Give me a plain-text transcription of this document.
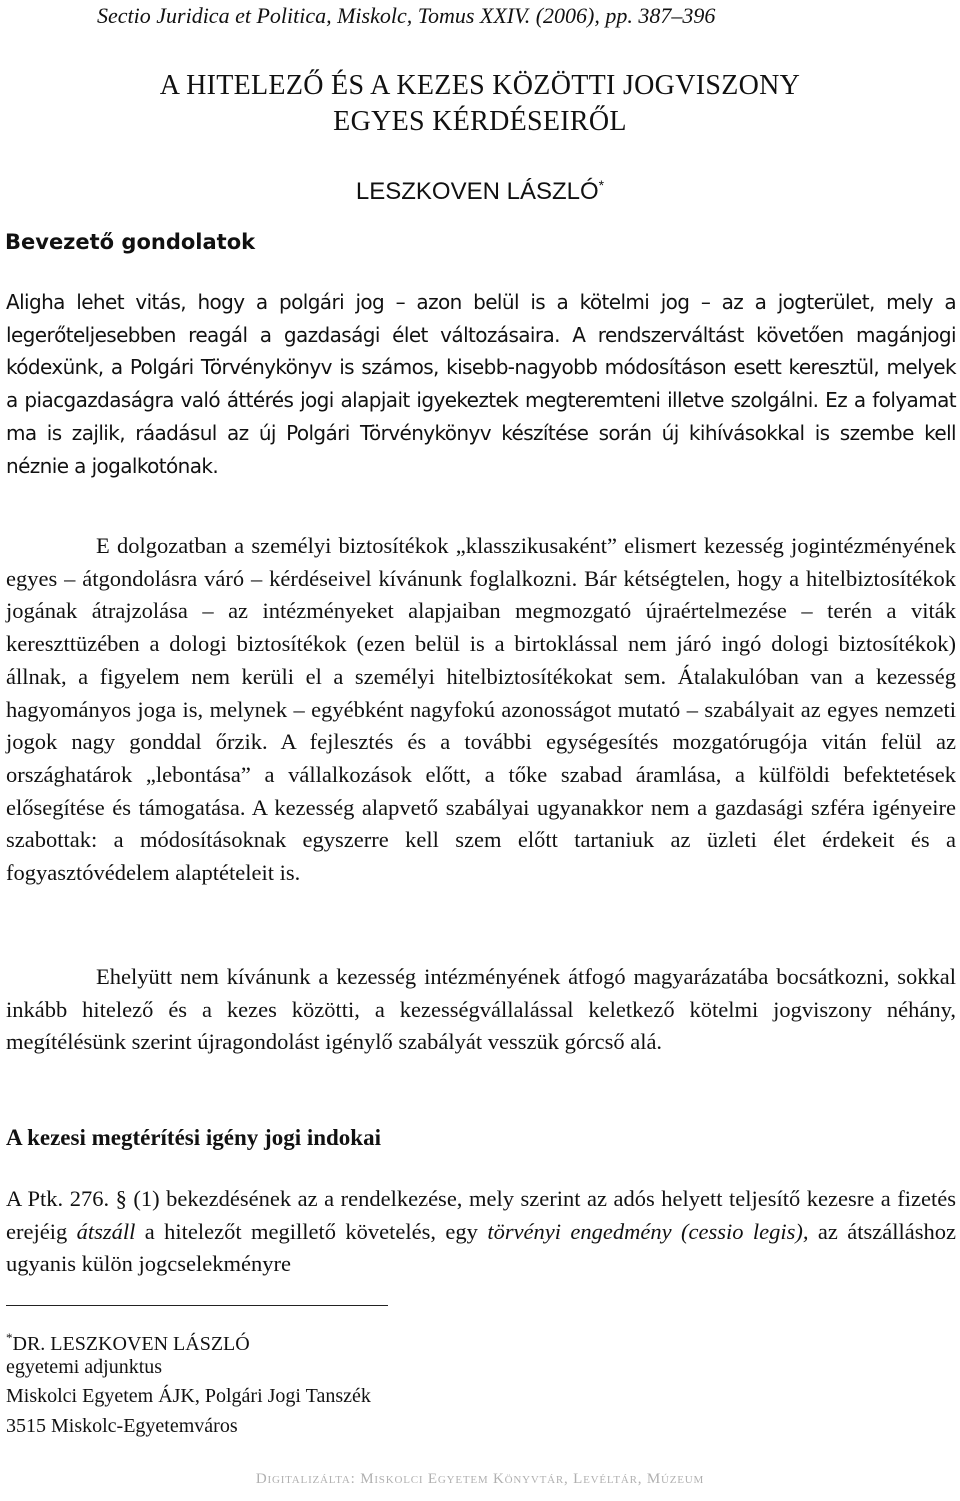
Sectio Juridica et Politica, Miskolc, Tomus XXIV. (2006), pp. 387–396
A HITELEZŐ ÉS A KEZES KÖZÖTTI JOGVISZONY
EGYES KÉRDÉSEIRŐL
LESZKOVEN LÁSZLÓ*
Bevezető gondolatok
Aligha lehet vitás, hogy a polgári jog – azon belül is a kötelmi jog – az a jogterület, mely a legerőteljesebben reagál a gazdasági élet változásaira. A rendszerváltást követően magánjogi kódexünk, a Polgári Törvénykönyv is számos, kisebb-nagyobb módosításon esett keresztül, melyek a piacgazdaságra való áttérés jogi alapjait igyekeztek megteremteni illetve szolgálni. Ez a folyamat ma is zajlik, ráadásul az új Polgári Törvénykönyv készítése során új kihívásokkal is szembe kell néznie a jogalkotónak.
E dolgozatban a személyi biztosítékok „klasszikusaként” elismert kezesség jogintézményének egyes – átgondolásra váró – kérdéseivel kívánunk foglalkozni. Bár kétségtelen, hogy a hitelbiztosítékok jogának átrajzolása – az intézményeket alapjaiban megmozgató újraértelmezése – terén a viták kereszttüzében a dologi biztosítékok (ezen belül is a birtoklással nem járó ingó dologi biztosítékok) állnak, a figyelem nem kerüli el a személyi hitelbiztosítékokat sem. Átalakulóban van a kezesség hagyományos joga is, melynek – egyébként nagyfokú azonosságot mutató – szabályait az egyes nemzeti jogok nagy gonddal őrzik. A fejlesztés és a további egységesítés mozgatórugója vitán felül az országhatárok „lebontása” a vállalkozások előtt, a tőke szabad áramlása, a külföldi befektetések elősegítése és támogatása. A kezesség alapvető szabályai ugyanakkor nem a gazdasági szféra igényeire szabottak: a módosításoknak egyszerre kell szem előtt tartaniuk az üzleti élet érdekeit és a fogyasztóvédelem alaptételeit is.
Ehelyütt nem kívánunk a kezesség intézményének átfogó magyarázatába bocsátkozni, sokkal inkább hitelező és a kezes közötti, a kezességvállalással keletkező kötelmi jogviszony néhány, megítélésünk szerint újragondolást igénylő szabályát vesszük górcső alá.
A kezesi megtérítési igény jogi indokai
A Ptk. 276. § (1) bekezdésének az a rendelkezése, mely szerint az adós helyett teljesítő kezesre a fizetés erejéig átszáll a hitelezőt megillető követelés, egy törvényi engedmény (cessio legis), az átszálláshoz ugyanis külön jogcselekményre
*DR. LESZKOVEN LÁSZLÓ
egyetemi adjunktus
Miskolci Egyetem ÁJK, Polgári Jogi Tanszék
3515 Miskolc-Egyetemváros
Digitalizálta: Miskolci Egyetem Könyvtár, Levéltár, Múzeum
